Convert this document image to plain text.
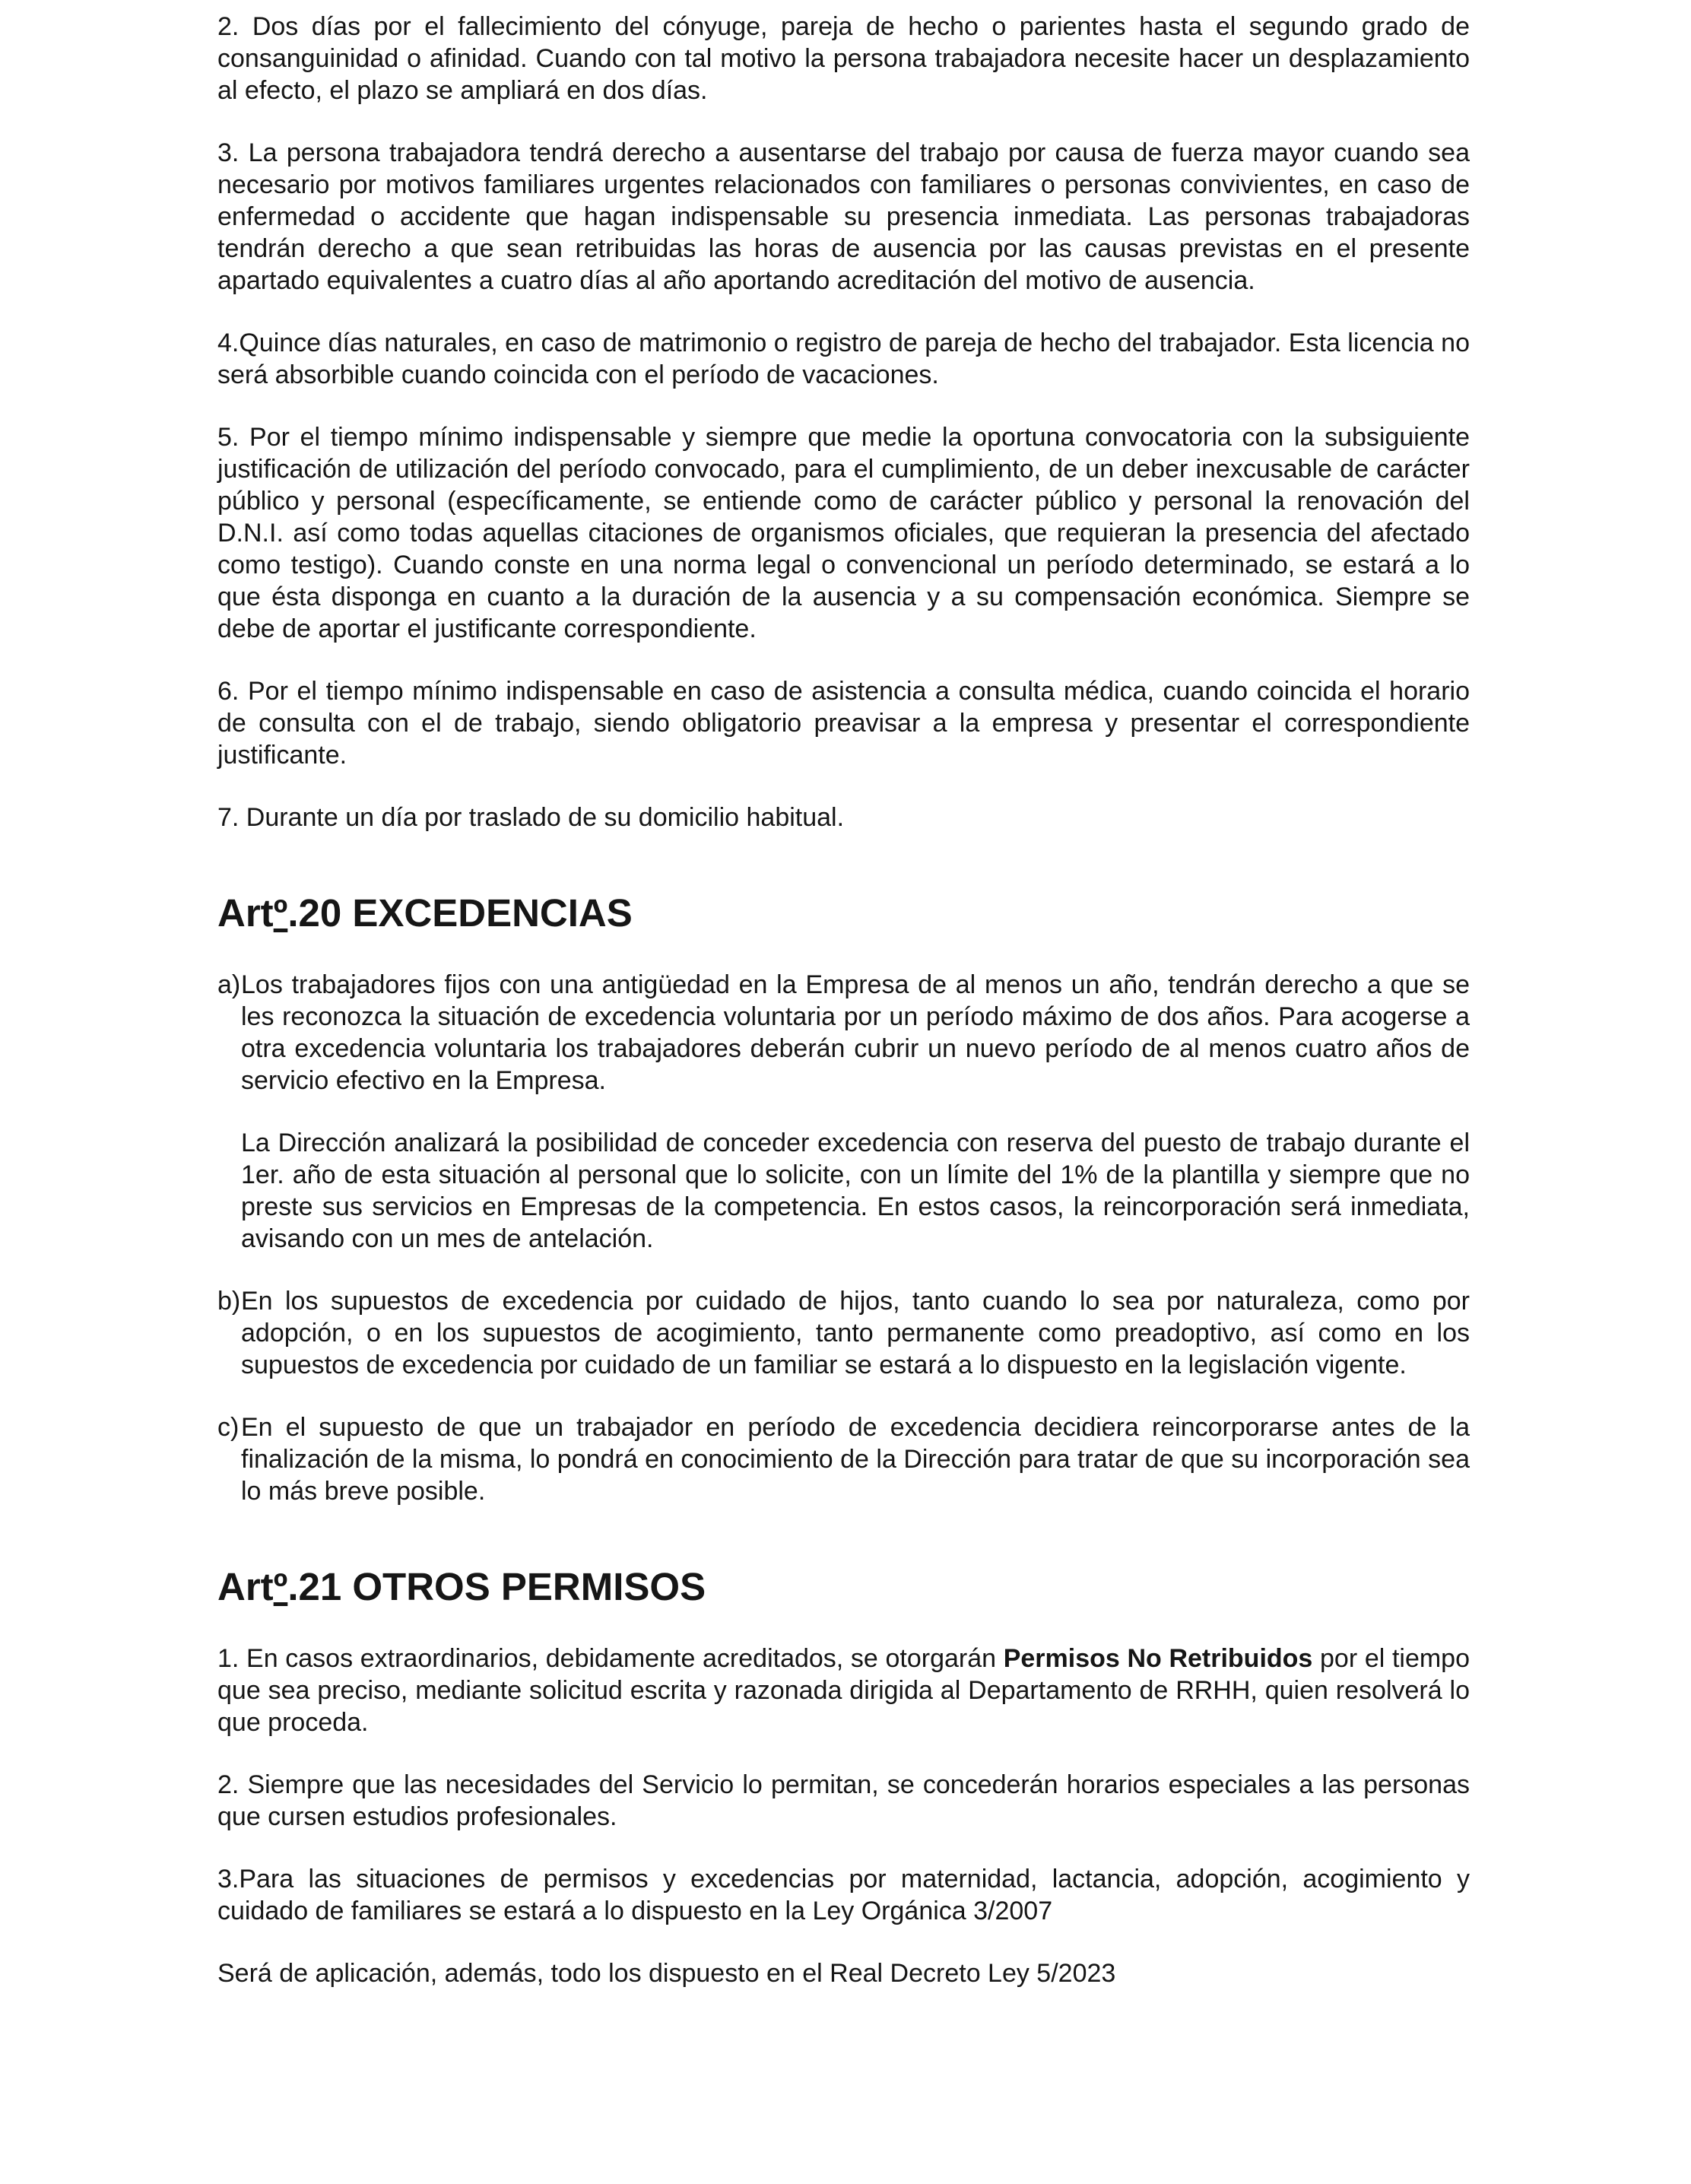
2. Dos días por el fallecimiento del cónyuge, pareja de hecho o parientes hasta el segundo grado de consanguinidad o afinidad. Cuando con tal motivo la persona trabajadora necesite hacer un desplazamiento al efecto, el plazo se ampliará en dos días.

3. La persona trabajadora tendrá derecho a ausentarse del trabajo por causa de fuerza mayor cuando sea necesario por motivos familiares urgentes relacionados con familiares o personas convivientes, en caso de enfermedad o accidente que hagan indispensable su presencia inmediata. Las personas trabajadoras tendrán derecho a que sean retribuidas las horas de ausencia por las causas previstas en el presente apartado equivalentes a cuatro días al año aportando acreditación del motivo de ausencia.

4.Quince días naturales, en caso de matrimonio o registro de pareja de hecho del trabajador. Esta licencia no será absorbible cuando coincida con el período de vacaciones.

5. Por el tiempo mínimo indispensable y siempre que medie la oportuna convocatoria con la subsiguiente justificación de utilización del período convocado, para el cumplimiento, de un deber inexcusable de carácter público y personal (específicamente, se entiende como de carácter público y personal la renovación del D.N.I. así como todas aquellas citaciones de organismos oficiales, que requieran la presencia del afectado como testigo). Cuando conste en una norma legal o convencional un período determinado, se estará a lo que ésta disponga en cuanto a la duración de la ausencia y a su compensación económica. Siempre se debe de aportar el justificante correspondiente.

6. Por el tiempo mínimo indispensable en caso de asistencia a consulta médica, cuando coincida el horario de consulta con el de trabajo, siendo obligatorio preavisar a la empresa y presentar el correspondiente justificante.

7. Durante un día por traslado de su domicilio habitual.

Artº.20 EXCEDENCIAS
a) Los trabajadores fijos con una antigüedad en la Empresa de al menos un año, tendrán derecho a que se les reconozca la situación de excedencia voluntaria por un período máximo de dos años. Para acogerse a otra excedencia voluntaria los trabajadores deberán cubrir un nuevo período de al menos cuatro años de servicio efectivo en la Empresa.

La Dirección analizará la posibilidad de conceder excedencia con reserva del puesto de trabajo durante el 1er. año de esta situación al personal que lo solicite, con un límite del 1% de la plantilla y siempre que no preste sus servicios en Empresas de la competencia. En estos casos, la reincorporación será inmediata, avisando con un mes de antelación.

b) En los supuestos de excedencia por cuidado de hijos, tanto cuando lo sea por naturaleza, como por adopción, o en los supuestos de acogimiento, tanto permanente como preadoptivo, así como en los supuestos de excedencia por cuidado de un familiar se estará a lo dispuesto en la legislación vigente.
c) En el supuesto de que un trabajador en período de excedencia decidiera reincorporarse antes de la finalización de la misma, lo pondrá en conocimiento de la Dirección para tratar de que su incorporación sea lo más breve posible.
Artº.21 OTROS PERMISOS

1. En casos extraordinarios, debidamente acreditados, se otorgarán Permisos No Retribuidos por el tiempo que sea preciso, mediante solicitud escrita y razonada dirigida al Departamento de RRHH, quien resolverá lo que proceda.

2. Siempre que las necesidades del Servicio lo permitan, se concederán horarios especiales a las personas que cursen estudios profesionales.

3.Para las situaciones de permisos y excedencias por maternidad, lactancia, adopción, acogimiento y cuidado de familiares se estará a lo dispuesto en la Ley Orgánica 3/2007

Será de aplicación, además, todo los dispuesto en el Real Decreto Ley 5/2023
